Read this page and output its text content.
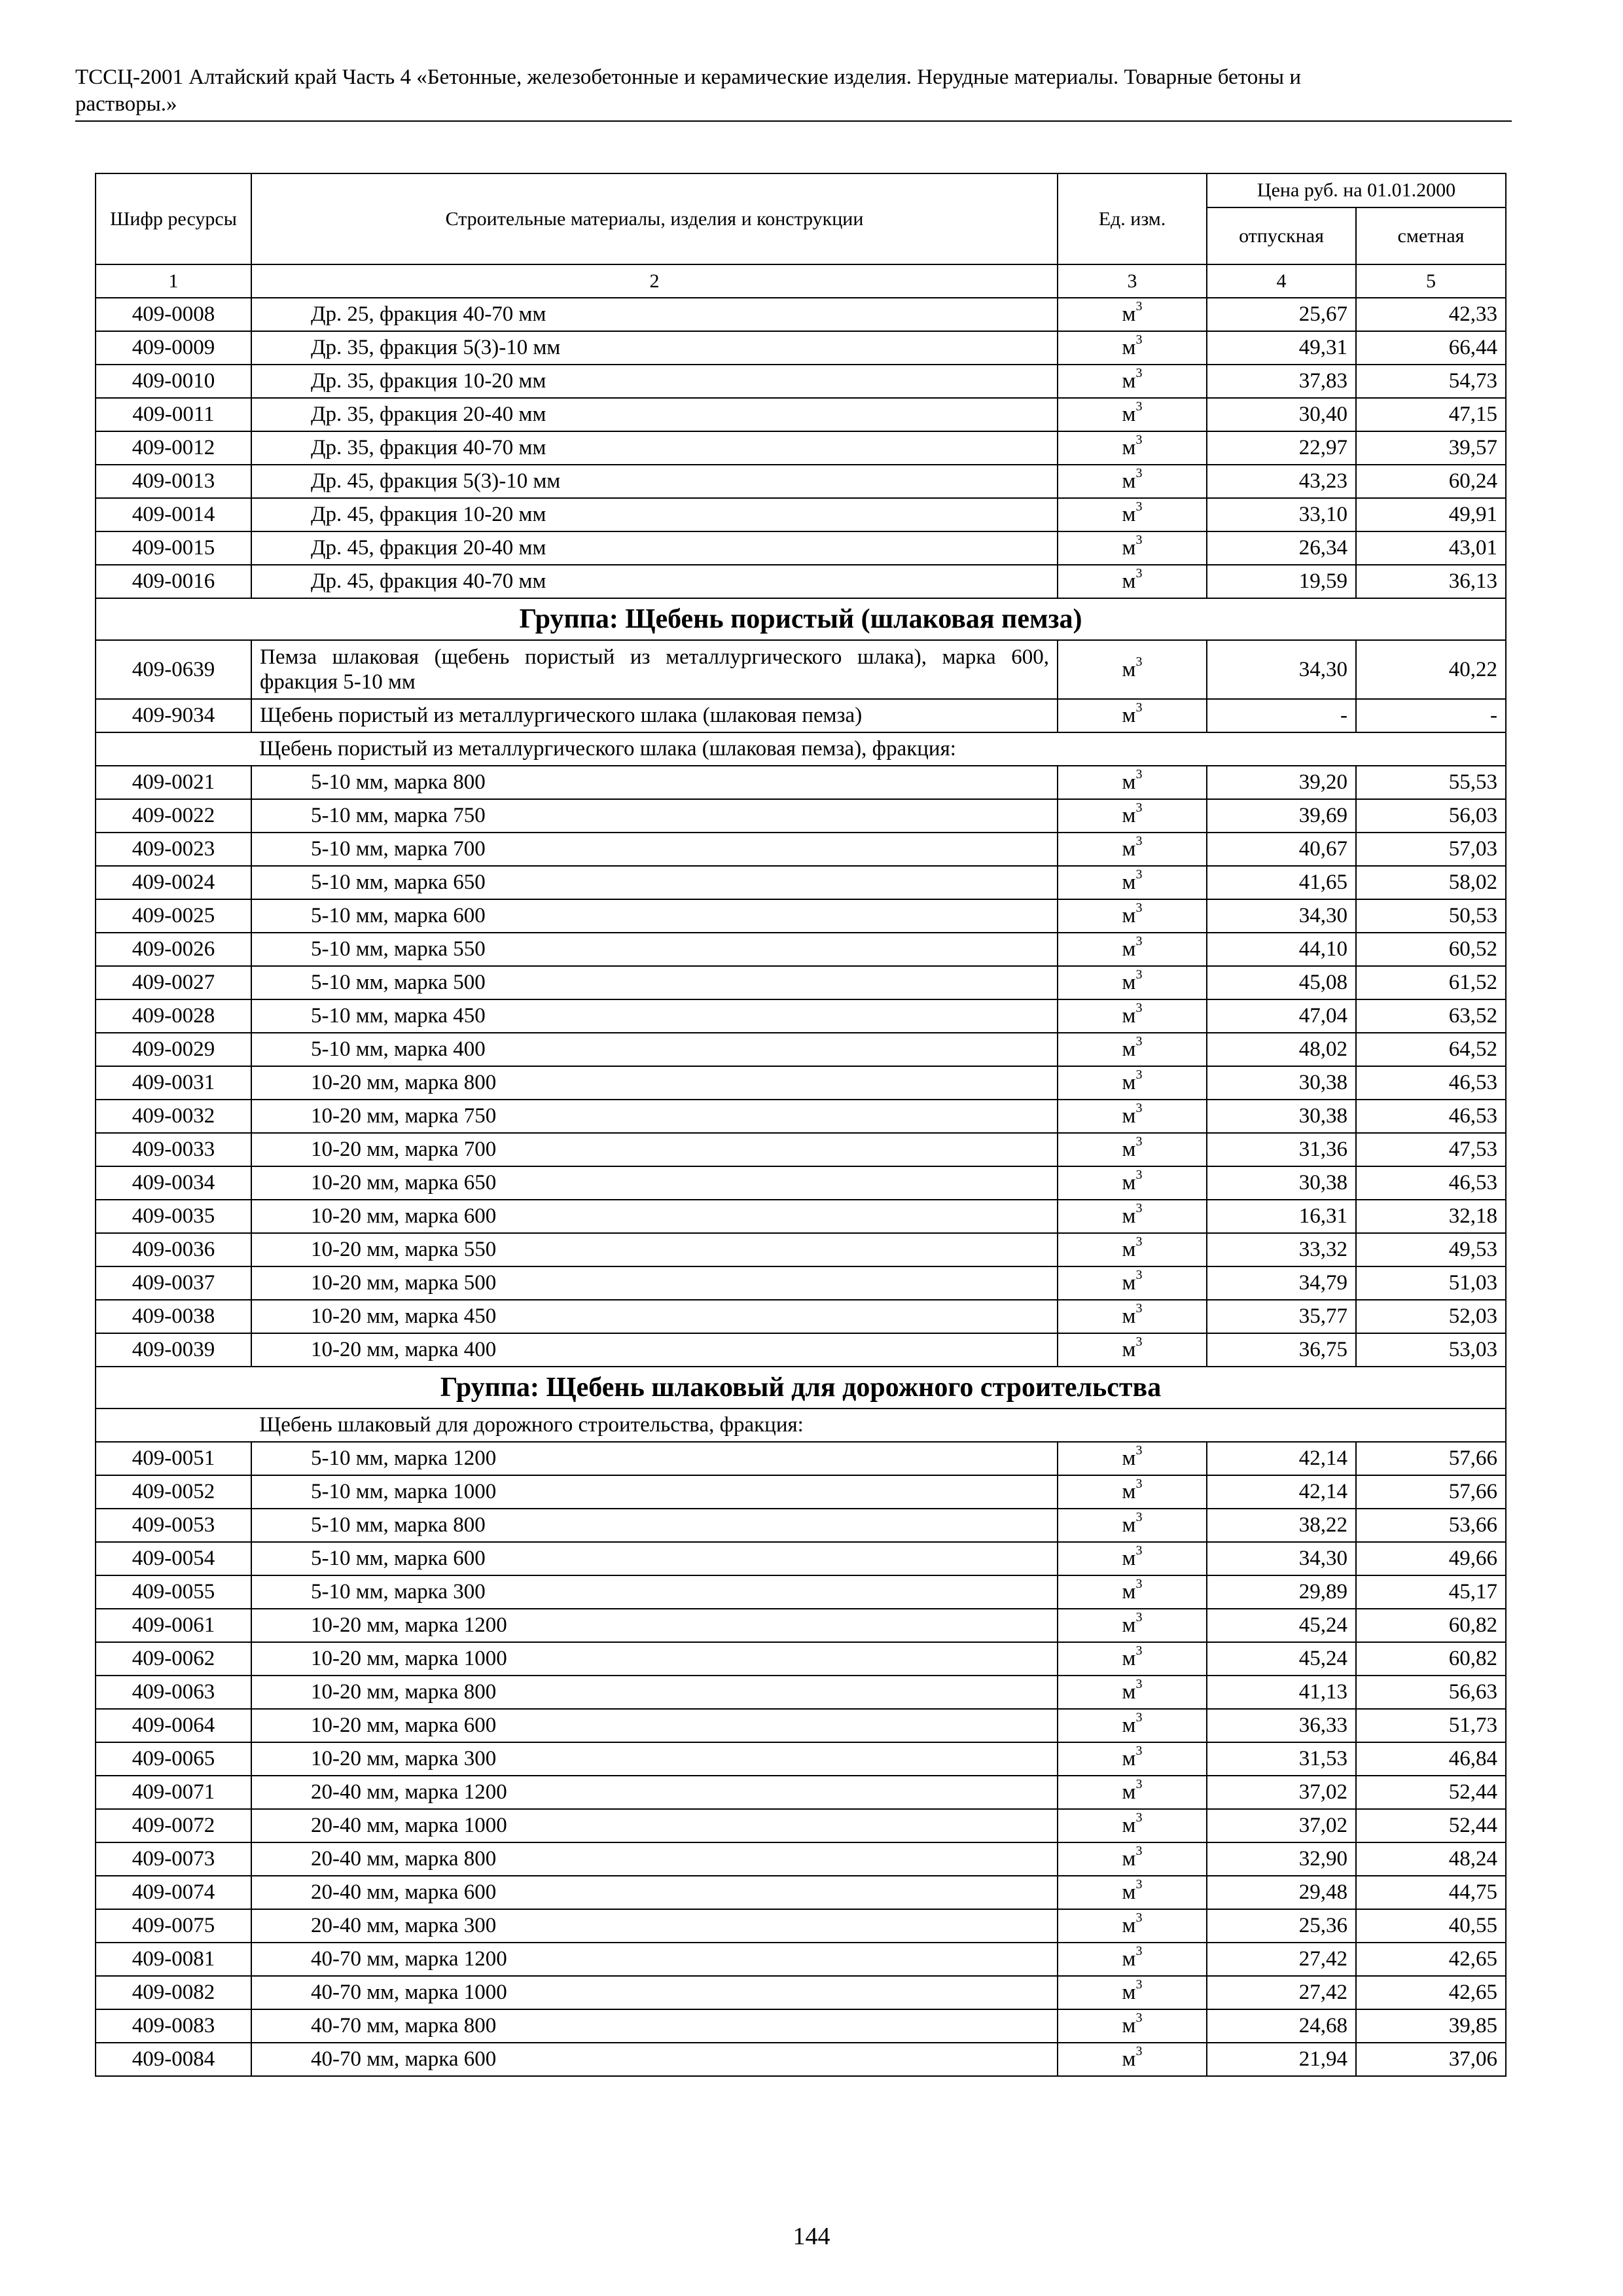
ТССЦ-2001 Алтайский край Часть 4 «Бетонные, железобетонные и керамические изделия. Нерудные материалы. Товарные бетоны и
растворы.»
Шифр ресурсы	Строительные материалы, изделия и конструкции	Ед. изм.	Цена руб. на 01.01.2000	
			отпускная	сметная
1	2	3	4	5
409-0008	Др. 25, фракция 40-70 мм	$м^3$	25,67	42,33
409-0009	Др. 35, фракция 5(3)-10 мм	$м^3$	49,31	66,44
409-0010	Др. 35, фракция 10-20 мм	$м^3$	37,83	54,73
409-0011	Др. 35, фракция 20-40 мм	$м^3$	30,40	47,15
409-0012	Др. 35, фракция 40-70 мм	$м^3$	22,97	39,57
409-0013	Др. 45, фракция 5(3)-10 мм	$м^3$	43,23	60,24
409-0014	Др. 45, фракция 10-20 мм	$м^3$	33,10	49,91
409-0015	Др. 45, фракция 20-40 мм	$м^3$	26,34	43,01
409-0016	Др. 45, фракция 40-70 мм	$м^3$	19,59	36,13
Группа: Щебень пористый (шлаковая пемза)				
409-0639	Пемза шлаковая (щебень пористый из металлургического шлака), марка 600, фракция 5-10 мм	$м^3$	34,30	40,22
409-9034	Щебень пористый из металлургического шлака (шлаковая пемза)	$м^3$	-	-
	Щебень пористый из металлургического шлака (шлаковая пемза), фракция:			
409-0021	5-10 мм, марка 800	$м^3$	39,20	55,53
409-0022	5-10 мм, марка 750	$м^3$	39,69	56,03
409-0023	5-10 мм, марка 700	$м^3$	40,67	57,03
409-0024	5-10 мм, марка 650	$м^3$	41,65	58,02
409-0025	5-10 мм, марка 600	$м^3$	34,30	50,53
409-0026	5-10 мм, марка 550	$м^3$	44,10	60,52
409-0027	5-10 мм, марка 500	$м^3$	45,08	61,52
409-0028	5-10 мм, марка 450	$м^3$	47,04	63,52
409-0029	5-10 мм, марка 400	$м^3$	48,02	64,52
409-0031	10-20 мм, марка 800	$м^3$	30,38	46,53
409-0032	10-20 мм, марка 750	$м^3$	30,38	46,53
409-0033	10-20 мм, марка 700	$м^3$	31,36	47,53
409-0034	10-20 мм, марка 650	$м^3$	30,38	46,53
409-0035	10-20 мм, марка 600	$м^3$	16,31	32,18
409-0036	10-20 мм, марка 550	$м^3$	33,32	49,53
409-0037	10-20 мм, марка 500	$м^3$	34,79	51,03
409-0038	10-20 мм, марка 450	$м^3$	35,77	52,03
409-0039	10-20 мм, марка 400	$м^3$	36,75	53,03
Группа: Щебень шлаковый для дорожного строительства				
	Щебень шлаковый для дорожного строительства, фракция:			
409-0051	5-10 мм, марка 1200	$м^3$	42,14	57,66
409-0052	5-10 мм, марка 1000	$м^3$	42,14	57,66
409-0053	5-10 мм, марка 800	$м^3$	38,22	53,66
409-0054	5-10 мм, марка 600	$м^3$	34,30	49,66
409-0055	5-10 мм, марка 300	$м^3$	29,89	45,17
409-0061	10-20 мм, марка 1200	$м^3$	45,24	60,82
409-0062	10-20 мм, марка 1000	$м^3$	45,24	60,82
409-0063	10-20 мм, марка 800	$м^3$	41,13	56,63
409-0064	10-20 мм, марка 600	$м^3$	36,33	51,73
409-0065	10-20 мм, марка 300	$м^3$	31,53	46,84
409-0071	20-40 мм, марка 1200	$м^3$	37,02	52,44
409-0072	20-40 мм, марка 1000	$м^3$	37,02	52,44
409-0073	20-40 мм, марка 800	$м^3$	32,90	48,24
409-0074	20-40 мм, марка 600	$м^3$	29,48	44,75
409-0075	20-40 мм, марка 300	$м^3$	25,36	40,55
409-0081	40-70 мм, марка 1200	$м^3$	27,42	42,65
409-0082	40-70 мм, марка 1000	$м^3$	27,42	42,65
409-0083	40-70 мм, марка 800	$м^3$	24,68	39,85
409-0084	40-70 мм, марка 600	$м^3$	21,94	37,06
144
